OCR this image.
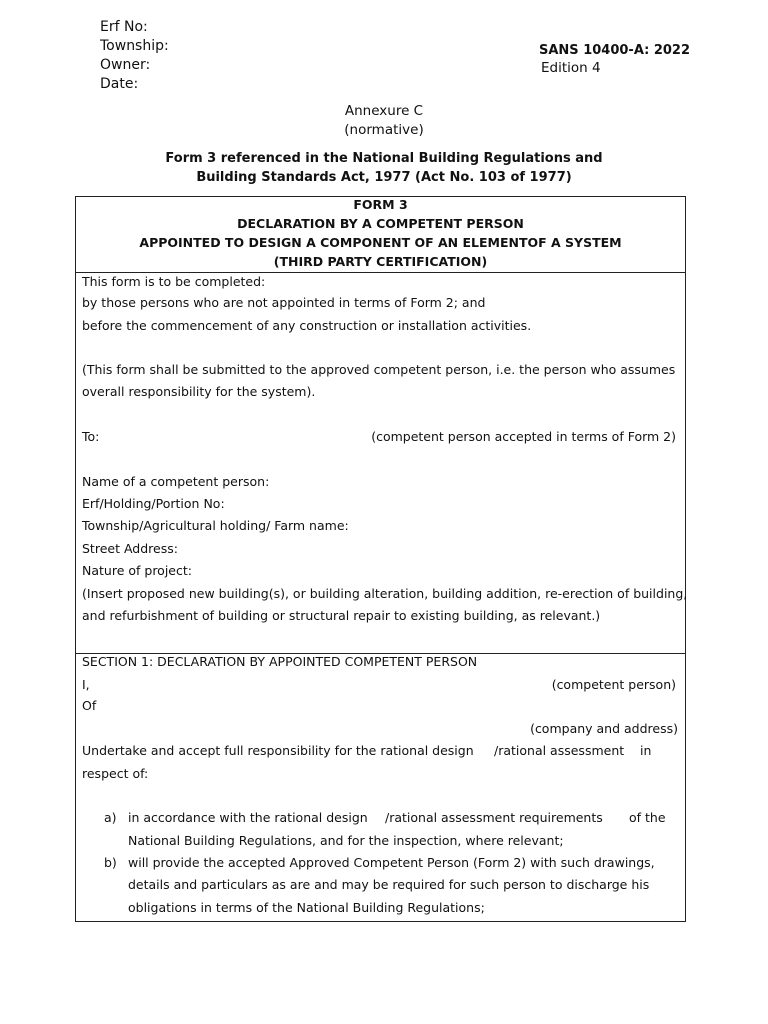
Erf No:
Township:
Owner:
Date:
SANS 10400-A: 2022
Edition 4
Annexure C
(normative)
Form 3 referenced in the National Building Regulations and
Building Standards Act, 1977 (Act No. 103 of 1977)
FORM 3
DECLARATION BY A COMPETENT PERSON
APPOINTED TO DESIGN A COMPONENT OF AN ELEMENTOF A SYSTEM
(THIRD PARTY CERTIFICATION)
This form is to be completed:
by those persons who are not appointed in terms of Form 2; and
before the commencement of any construction or installation activities.
(This form shall be submitted to the approved competent person, i.e. the person who assumes
overall responsibility for the system).
To:	(competent person accepted in terms of Form 2)
Name of a competent person:
Erf/Holding/Portion No:
Township/Agricultural holding/ Farm name:
Street Address:
Nature of project:
(Insert proposed new building(s), or building alteration, building addition, re-erection of building,
and refurbishment of building or structural repair to existing building, as relevant.)
SECTION 1: DECLARATION BY APPOINTED COMPETENT PERSON
I,	(competent person)
Of
(company and address)
Undertake and accept full responsibility for the rational design /rational assessment in
respect of:
a) in accordance with the rational design /rational assessment requirements of the
National Building Regulations, and for the inspection, where relevant;
b) will provide the accepted Approved Competent Person (Form 2) with such drawings,
details and particulars as are and may be required for such person to discharge his
obligations in terms of the National Building Regulations;
